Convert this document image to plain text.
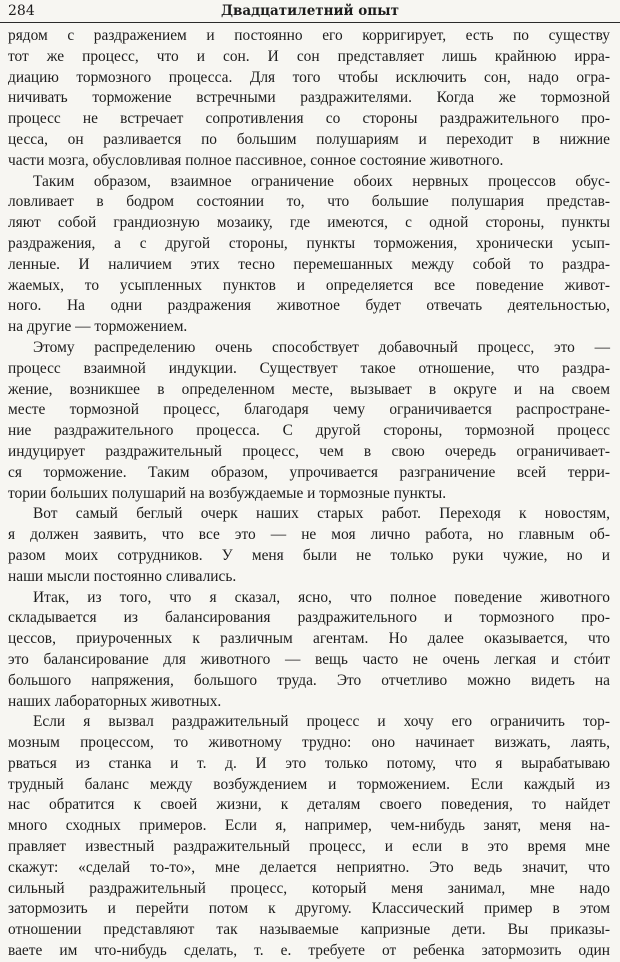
284	Двадцатилетний опыт
рядом с раздражением и постоянно его корригирует, есть по существу
тот же процесс, что и сон. И сон представляет лишь крайнюю ирра-
диацию тормозного процесса. Для того чтобы исключить сон, надо огра-
ничивать торможение встречными раздражителями. Когда же тормозной
процесс не встречает сопротивления со стороны раздражительного про-
цесса, он разливается по большим полушариям и переходит в нижние
части мозга, обусловливая полное пассивное, сонное состояние животного.
Таким образом, взаимное ограничение обоих нервных процессов обус-
ловливает в бодром состоянии то, что большие полушария представ-
ляют собой грандиозную мозаику, где имеются, с одной стороны, пункты
раздражения, а с другой стороны, пункты торможения, хронически усып-
ленные. И наличием этих тесно перемешанных между собой то раздра-
жаемых, то усыпленных пунктов и определяется все поведение живот-
ного. На одни раздражения животное будет отвечать деятельностью,
на другие — торможением.
Этому распределению очень способствует добавочный процесс, это —
процесс взаимной индукции. Существует такое отношение, что раздра-
жение, возникшее в определенном месте, вызывает в округе и на своем
месте тормозной процесс, благодаря чему ограничивается распростране-
ние раздражительного процесса. С другой стороны, тормозной процесс
индуцирует раздражительный процесс, чем в свою очередь ограничивает-
ся торможение. Таким образом, упрочивается разграничение всей терри-
тории больших полушарий на возбуждаемые и тормозные пункты.
Вот самый беглый очерк наших старых работ. Переходя к новостям,
я должен заявить, что все это — не моя лично работа, но главным об-
разом моих сотрудников. У меня были не только руки чужие, но и
наши мысли постоянно сливались.
Итак, из того, что я сказал, ясно, что полное поведение животного
складывается из балансирования раздражительного и тормозного про-
цессов, приуроченных к различным агентам. Но далее оказывается, что
это балансирование для животного — вещь часто не очень легкая и стóит
большого напряжения, большого труда. Это отчетливо можно видеть на
наших лабораторных животных.
Если я вызвал раздражительный процесс и хочу его ограничить тор-
мозным процессом, то животному трудно: оно начинает визжать, лаять,
рваться из станка и т. д. И это только потому, что я вырабатываю
трудный баланс между возбуждением и торможением. Если каждый из
нас обратится к своей жизни, к деталям своего поведения, то найдет
много сходных примеров. Если я, например, чем-нибудь занят, меня на-
правляет известный раздражительный процесс, и если в это время мне
скажут: «сделай то-то», мне делается неприятно. Это ведь значит, что
сильный раздражительный процесс, который меня занимал, мне надо
затормозить и перейти потом к другому. Классический пример в этом
отношении представляют так называемые капризные дети. Вы приказы-
ваете им что-нибудь сделать, т. е. требуете от ребенка затормозить один
